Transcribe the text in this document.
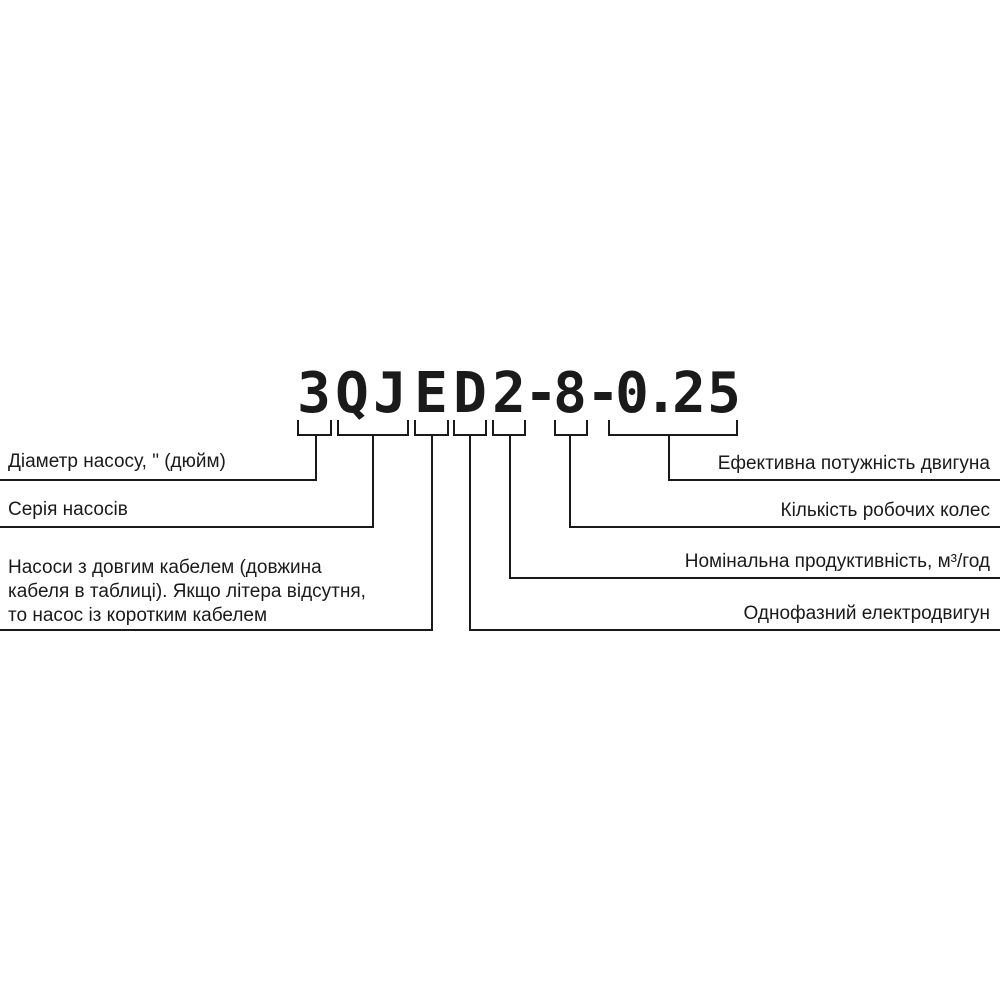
3 Q J E D 2
-
8 -
0
.
2 5
Діаметр насосу, " (дюйм)
Серія насосів
Насоси з довгим кабелем (довжина
кабеля в таблиці). Якщо літера відсутня,
то насос із коротким кабелем
Ефективна потужність двигуна
Кількість робочих колес
Номінальна продуктивність, м³/год
Однофазний електродвигун
